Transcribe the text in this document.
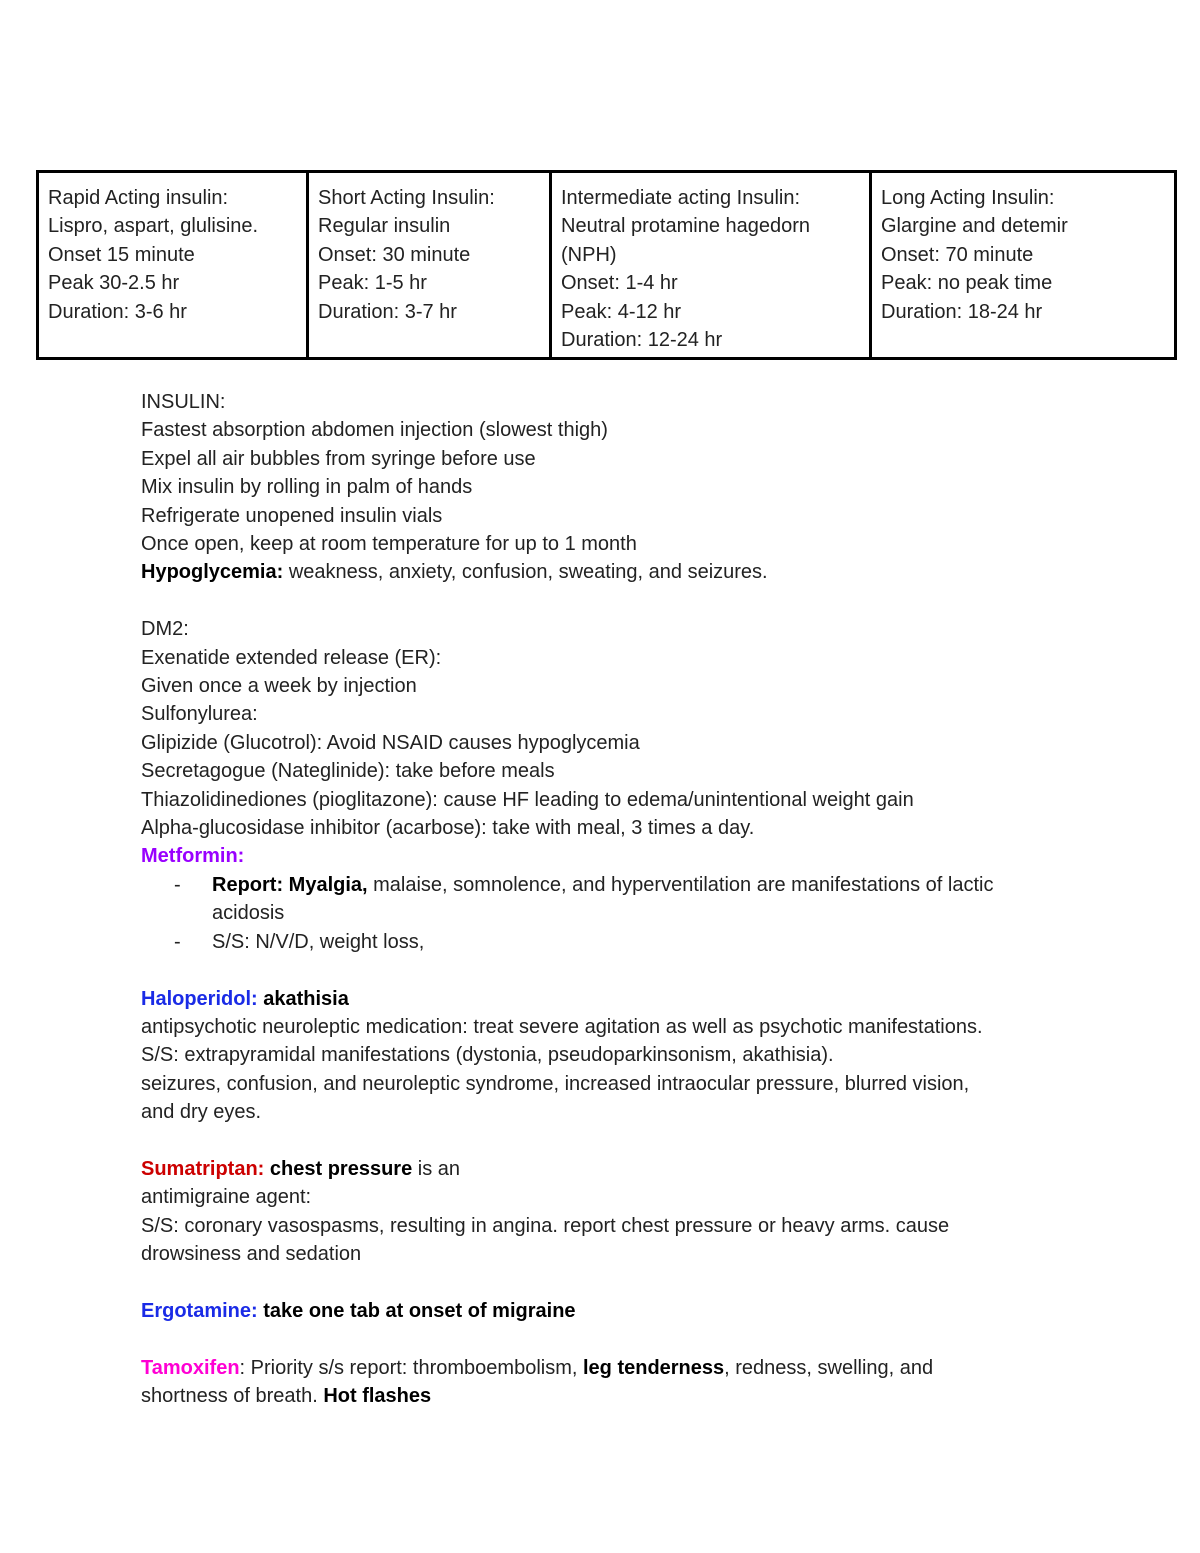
Rapid Acting insulin:
Lispro, aspart, glulisine.
Onset 15 minute
Peak 30-2.5 hr
Duration: 3-6 hr

Short Acting Insulin:
Regular insulin
Onset: 30 minute
Peak: 1-5 hr
Duration: 3-7 hr

Intermediate acting Insulin:
Neutral protamine hagedorn
(NPH)
Onset: 1-4 hr
Peak: 4-12 hr
Duration: 12-24 hr

Long Acting Insulin:
Glargine and detemir
Onset: 70 minute
Peak: no peak time
Duration: 18-24 hr
INSULIN:
Fastest absorption abdomen injection (slowest thigh)
Expel all air bubbles from syringe before use
Mix insulin by rolling in palm of hands
Refrigerate unopened insulin vials
Once open, keep at room temperature for up to 1 month
Hypoglycemia: weakness, anxiety, confusion, sweating, and seizures.
DM2:
Exenatide extended release (ER):
Given once a week by injection
Sulfonylurea:
Glipizide (Glucotrol): Avoid NSAID causes hypoglycemia
Secretagogue (Nateglinide): take before meals
Thiazolidinediones (pioglitazone): cause HF leading to edema/unintentional weight gain
Alpha-glucosidase inhibitor (acarbose): take with meal, 3 times a day.
Metformin:
- Report: Myalgia, malaise, somnolence, and hyperventilation are manifestations of lactic
acidosis
- S/S: N/V/D, weight loss,
Haloperidol: akathisia
antipsychotic neuroleptic medication: treat severe agitation as well as psychotic manifestations.
S/S: extrapyramidal manifestations (dystonia, pseudoparkinsonism, akathisia).
seizures, confusion, and neuroleptic syndrome, increased intraocular pressure, blurred vision,
and dry eyes.
Sumatriptan: chest pressure is an
antimigraine agent:
S/S: coronary vasospasms, resulting in angina. report chest pressure or heavy arms. cause
drowsiness and sedation
Ergotamine: take one tab at onset of migraine
Tamoxifen: Priority s/s report: thromboembolism, leg tenderness, redness, swelling, and
shortness of breath. Hot flashes
